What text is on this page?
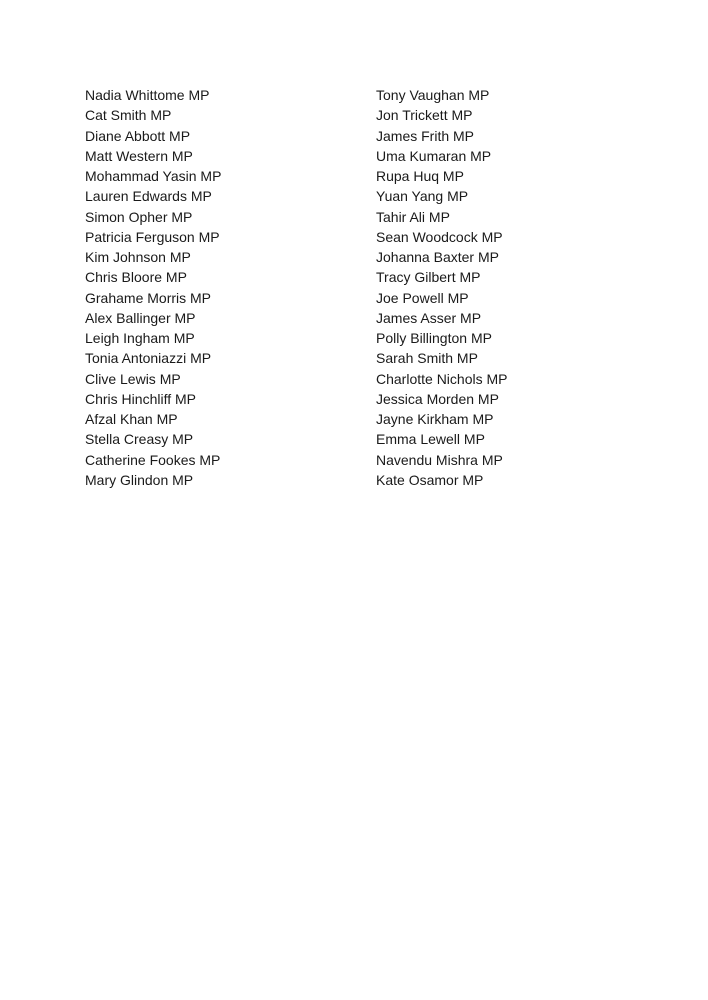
Nadia Whittome MP
Cat Smith MP
Diane Abbott MP
Matt Western MP
Mohammad Yasin MP
Lauren Edwards MP
Simon Opher MP
Patricia Ferguson MP
Kim Johnson MP
Chris Bloore MP
Grahame Morris MP
Alex Ballinger MP
Leigh Ingham MP
Tonia Antoniazzi MP
Clive Lewis MP
Chris Hinchliff MP
Afzal Khan MP
Stella Creasy MP
Catherine Fookes MP
Mary Glindon MP
Tony Vaughan MP
Jon Trickett MP
James Frith MP
Uma Kumaran MP
Rupa Huq MP
Yuan Yang MP
Tahir Ali MP
Sean Woodcock MP
Johanna Baxter MP
Tracy Gilbert MP
Joe Powell MP
James Asser MP
Polly Billington MP
Sarah Smith MP
Charlotte Nichols MP
Jessica Morden MP
Jayne Kirkham MP
Emma Lewell MP
Navendu Mishra MP
Kate Osamor MP
